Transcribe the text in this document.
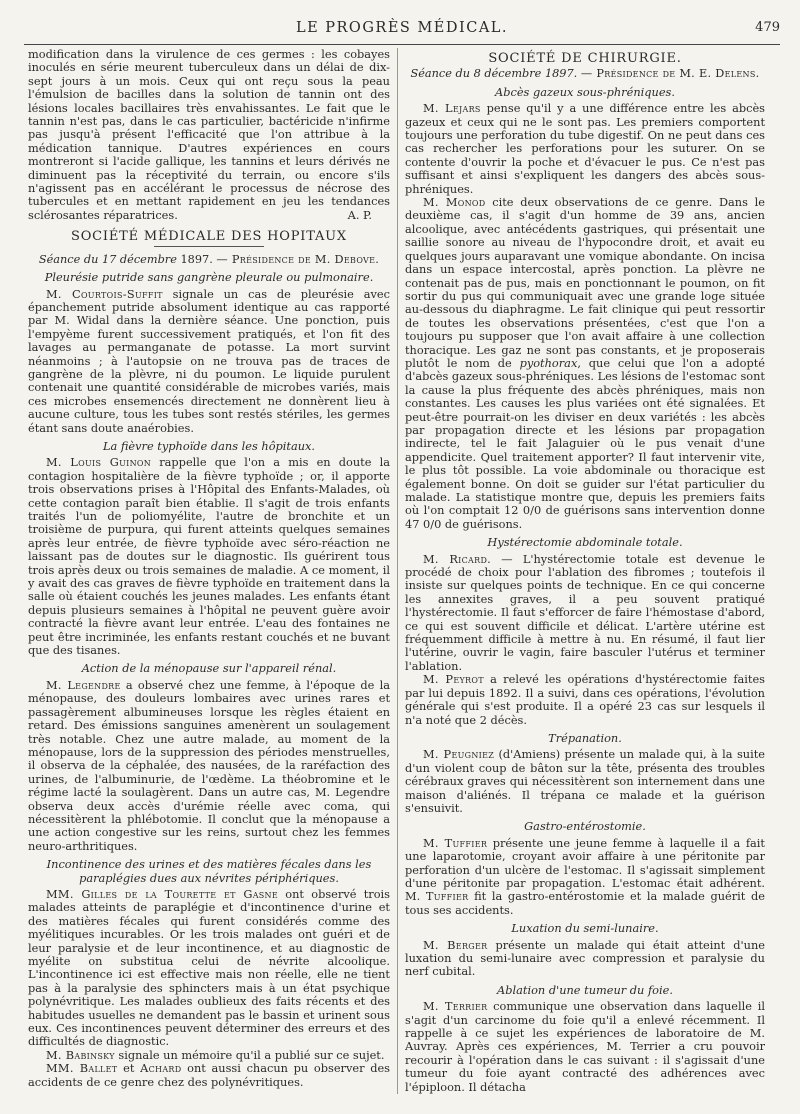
LE PROGRÈS MÉDICAL.	479

modification dans la virulence de ces germes : les cobayes inoculés en série meurent tuberculeux dans un délai de dix-sept jours à un mois. Ceux qui ont reçu sous la peau l'émulsion de bacilles dans la solution de tannin ont des lésions locales bacillaires très envahissantes. Le fait que le tannin n'est pas, dans le cas particulier, bactéricide n'infirme pas jusqu'à présent l'efficacité que l'on attribue à la médication tannique. D'autres expériences en cours montreront si l'acide gallique, les tannins et leurs dérivés ne diminuent pas la réceptivité du terrain, ou encore s'ils n'agissent pas en accélérant le processus de nécrose des tubercules et en mettant rapidement en jeu les tendances sclérosantes réparatrices.	A. P.
SOCIÉTÉ MÉDICALE DES HOPITAUX
Séance du 17 décembre 1897. — Présidence de M. Debove.
Pleurésie putride sans gangrène pleurale ou pulmonaire.

M. Courtois-Suffit signale un cas de pleurésie avec épanchement putride absolument identique au cas rapporté par M. Widal dans la dernière séance. Une ponction, puis l'empyème furent successivement pratiqués, et l'on fit des lavages au permanganate de potasse. La mort survint néanmoins ; à l'autopsie on ne trouva pas de traces de gangrène de la plèvre, ni du poumon. Le liquide purulent contenait une quantité considérable de microbes variés, mais ces microbes ensemencés directement ne donnèrent lieu à aucune culture, tous les tubes sont restés stériles, les germes étant sans doute anaérobies.

La fièvre typhoïde dans les hôpitaux.

M. Louis Guinon rappelle que l'on a mis en doute la contagion hospitalière de la fièvre typhoïde ; or, il apporte trois observations prises à l'Hôpital des Enfants-Malades, où cette contagion paraît bien établie. Il s'agit de trois enfants traités l'un de poliomyélite, l'autre de bronchite et un troisième de purpura, qui furent atteints quelques semaines après leur entrée, de fièvre typhoïde avec séro-réaction ne laissant pas de doutes sur le diagnostic. Ils guérirent tous trois après deux ou trois semaines de maladie. A ce moment, il y avait des cas graves de fièvre typhoïde en traitement dans la salle où étaient couchés les jeunes malades. Les enfants étant depuis plusieurs semaines à l'hôpital ne peuvent guère avoir contracté la fièvre avant leur entrée. L'eau des fontaines ne peut être incriminée, les enfants restant couchés et ne buvant que des tisanes.

Action de la ménopause sur l'appareil rénal.

M. Legendre a observé chez une femme, à l'époque de la ménopause, des douleurs lombaires avec urines rares et passagèrement albumineuses lorsque les règles étaient en retard. Des émissions sanguines amenèrent un soulagement très notable. Chez une autre malade, au moment de la ménopause, lors de la suppression des périodes menstruelles, il observa de la céphalée, des nausées, de la raréfaction des urines, de l'albuminurie, de l'œdème. La théobromine et le régime lacté la soulagèrent. Dans un autre cas, M. Legendre observa deux accès d'urémie réelle avec coma, qui nécessitèrent la phlébotomie. Il conclut que la ménopause a une action congestive sur les reins, surtout chez les femmes neuro-arthritiques.

Incontinence des urines et des matières fécales dans les paraplégies dues aux névrites périphériques.

MM. Gilles de la Tourette et Gasne ont observé trois malades atteints de paraplégie et d'incontinence d'urine et des matières fécales qui furent considérés comme des myélitiques incurables. Or les trois malades ont guéri et de leur paralysie et de leur incontinence, et au diagnostic de myélite on substitua celui de névrite alcoolique. L'incontinence ici est effective mais non réelle, elle ne tient pas à la paralysie des sphincters mais à un état psychique polynévritique. Les malades oublieux des faits récents et des habitudes usuelles ne demandent pas le bassin et urinent sous eux. Ces incontinences peuvent déterminer des erreurs et des difficultés de diagnostic.

M. Babinsky signale un mémoire qu'il a publié sur ce sujet.

MM. Ballet et Achard ont aussi chacun pu observer des accidents de ce genre chez des polynévritiques.

SOCIÉTÉ DE CHIRURGIE.
Séance du 8 décembre 1897. — Présidence de M. E. Delens.
Abcès gazeux sous-phréniques.

M. Lejars pense qu'il y a une différence entre les abcès gazeux et ceux qui ne le sont pas. Les premiers comportent toujours une perforation du tube digestif. On ne peut dans ces cas rechercher les perforations pour les suturer. On se contente d'ouvrir la poche et d'évacuer le pus. Ce n'est pas suffisant et ainsi s'expliquent les dangers des abcès sous-phréniques.

M. Monod cite deux observations de ce genre. Dans le deuxième cas, il s'agit d'un homme de 39 ans, ancien alcoolique, avec antécédents gastriques, qui présentait une saillie sonore au niveau de l'hypocondre droit, et avait eu quelques jours auparavant une vomique abondante. On incisa dans un espace intercostal, après ponction. La plèvre ne contenait pas de pus, mais en ponctionnant le poumon, on fit sortir du pus qui communiquait avec une grande loge située au-dessous du diaphragme. Le fait clinique qui peut ressortir de toutes les observations présentées, c'est que l'on a toujours pu supposer que l'on avait affaire à une collection thoracique. Les gaz ne sont pas constants, et je proposerais plutôt le nom de pyothorax, que celui que l'on a adopté d'abcès gazeux sous-phréniques. Les lésions de l'estomac sont la cause la plus fréquente des abcès phréniques, mais non constantes. Les causes les plus variées ont été signalées. Et peut-être pourrait-on les diviser en deux variétés : les abcès par propagation directe et les lésions par propagation indirecte, tel le fait Jalaguier où le pus venait d'une appendicite. Quel traitement apporter? Il faut intervenir vite, le plus tôt possible. La voie abdominale ou thoracique est également bonne. On doit se guider sur l'état particulier du malade. La statistique montre que, depuis les premiers faits où l'on comptait 12 0/0 de guérisons sans intervention donne 47 0/0 de guérisons.

Hystérectomie abdominale totale.

M. Ricard. — L'hystérectomie totale est devenue le procédé de choix pour l'ablation des fibromes ; toutefois il insiste sur quelques points de technique. En ce qui concerne les annexites graves, il a peu souvent pratiqué l'hystérectomie. Il faut s'efforcer de faire l'hémostase d'abord, ce qui est souvent difficile et délicat. L'artère utérine est fréquemment difficile à mettre à nu. En résumé, il faut lier l'utérine, ouvrir le vagin, faire basculer l'utérus et terminer l'ablation.

M. Peyrot a relevé les opérations d'hystérectomie faites par lui depuis 1892. Il a suivi, dans ces opérations, l'évolution générale qui s'est produite. Il a opéré 23 cas sur lesquels il n'a noté que 2 décès.

Trépanation.

M. Peugniez (d'Amiens) présente un malade qui, à la suite d'un violent coup de bâton sur la tête, présenta des troubles cérébraux graves qui nécessitèrent son internement dans une maison d'aliénés. Il trépana ce malade et la guérison s'ensuivit.

Gastro-entérostomie.

M. Tuffier présente une jeune femme à laquelle il a fait une laparotomie, croyant avoir affaire à une péritonite par perforation d'un ulcère de l'estomac. Il s'agissait simplement d'une péritonite par propagation. L'estomac était adhérent. M. Tuffier fit la gastro-entérostomie et la malade guérit de tous ses accidents.

Luxation du semi-lunaire.

M. Berger présente un malade qui était atteint d'une luxation du semi-lunaire avec compression et paralysie du nerf cubital.

Ablation d'une tumeur du foie.

M. Terrier communique une observation dans laquelle il s'agit d'un carcinome du foie qu'il a enlevé récemment. Il rappelle à ce sujet les expériences de laboratoire de M. Auvray. Après ces expériences, M. Terrier a cru pouvoir recourir à l'opération dans le cas suivant : il s'agissait d'une tumeur du foie ayant contracté des adhérences avec l'épiploon. Il détacha
